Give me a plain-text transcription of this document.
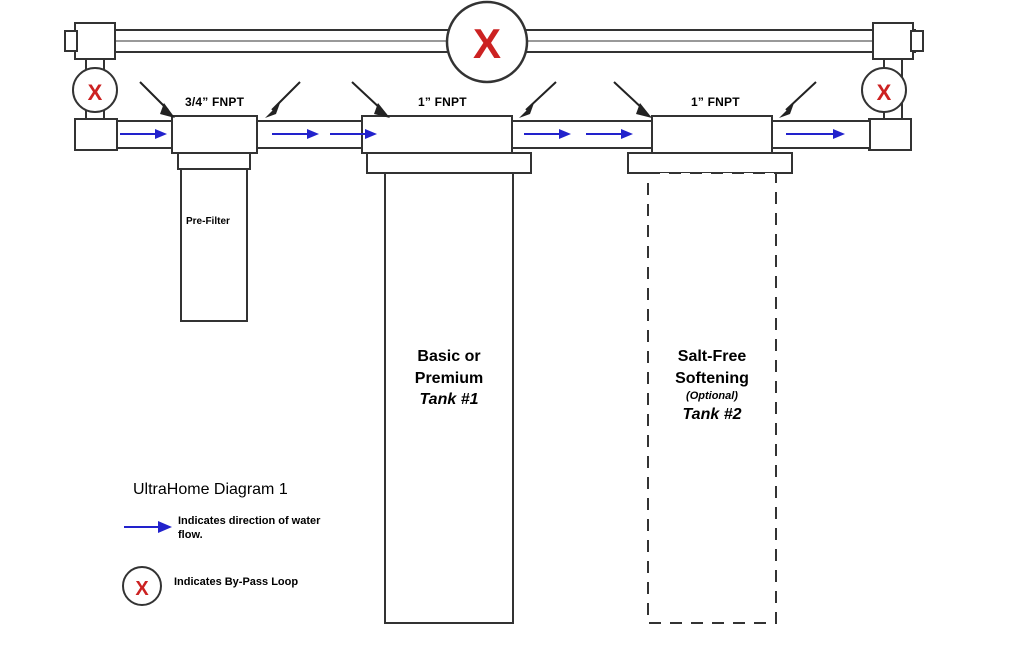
X
X	X
X
3/4” FNPT	1” FNPT	1” FNPT
Pre-Filter
Basic or
Premium
Tank #1
Salt-Free
Softening
(Optional)
Tank #2
UltraHome Diagram 1
Indicates direction of water flow.
Indicates By-Pass Loop
